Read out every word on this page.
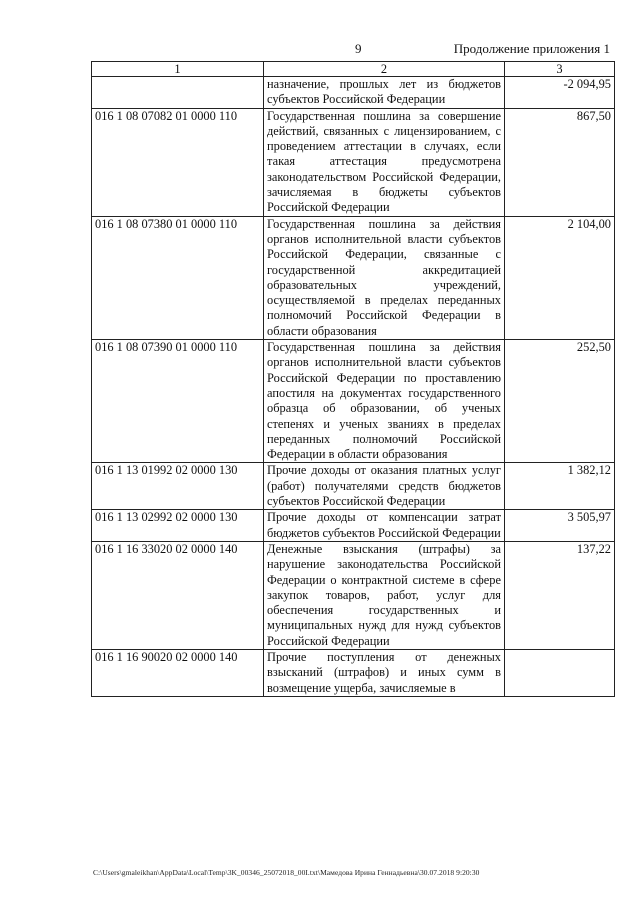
9	Продолжение приложения 1
1	2	3
	назначение, прошлых лет из бюджетов субъектов Российской Федерации	-2 094,95
016 1 08 07082 01 0000 110	Государственная пошлина за совершение действий, связанных с лицензированием, с проведением аттестации в случаях, если такая аттестация предусмотрена законодательством Российской Федерации, зачисляемая в бюджеты субъектов Российской Федерации	867,50
016 1 08 07380 01 0000 110	Государственная пошлина за действия органов исполнительной власти субъектов Российской Федерации, связанные с государственной аккредитацией образовательных учреждений, осуществляемой в пределах переданных полномочий Российской Федерации в области образования	2 104,00
016 1 08 07390 01 0000 110	Государственная пошлина за действия органов исполнительной власти субъектов Российской Федерации по проставлению апостиля на документах государственного образца об образовании, об ученых степенях и ученых званиях в пределах переданных полномочий Российской Федерации в области образования	252,50
016 1 13 01992 02 0000 130	Прочие доходы от оказания платных услуг (работ) получателями средств бюджетов субъектов Российской Федерации	1 382,12
016 1 13 02992 02 0000 130	Прочие доходы от компенсации затрат бюджетов субъектов Российской Федерации	3 505,97
016 1 16 33020 02 0000 140	Денежные взыскания (штрафы) за нарушение законодательства Российской Федерации о контрактной системе в сфере закупок товаров, работ, услуг для обеспечения государственных и муниципальных нужд для нужд субъектов Российской Федерации	137,22
016 1 16 90020 02 0000 140	Прочие поступления от денежных взысканий (штрафов) и иных сумм в возмещение ущерба, зачисляемые в	
C:\Users\gmaleikhan\AppData\Local\Temp\3K_00346_25072018_00I.txt\Мамедова Ирина Геннадьевна\30.07.2018 9:20:30
